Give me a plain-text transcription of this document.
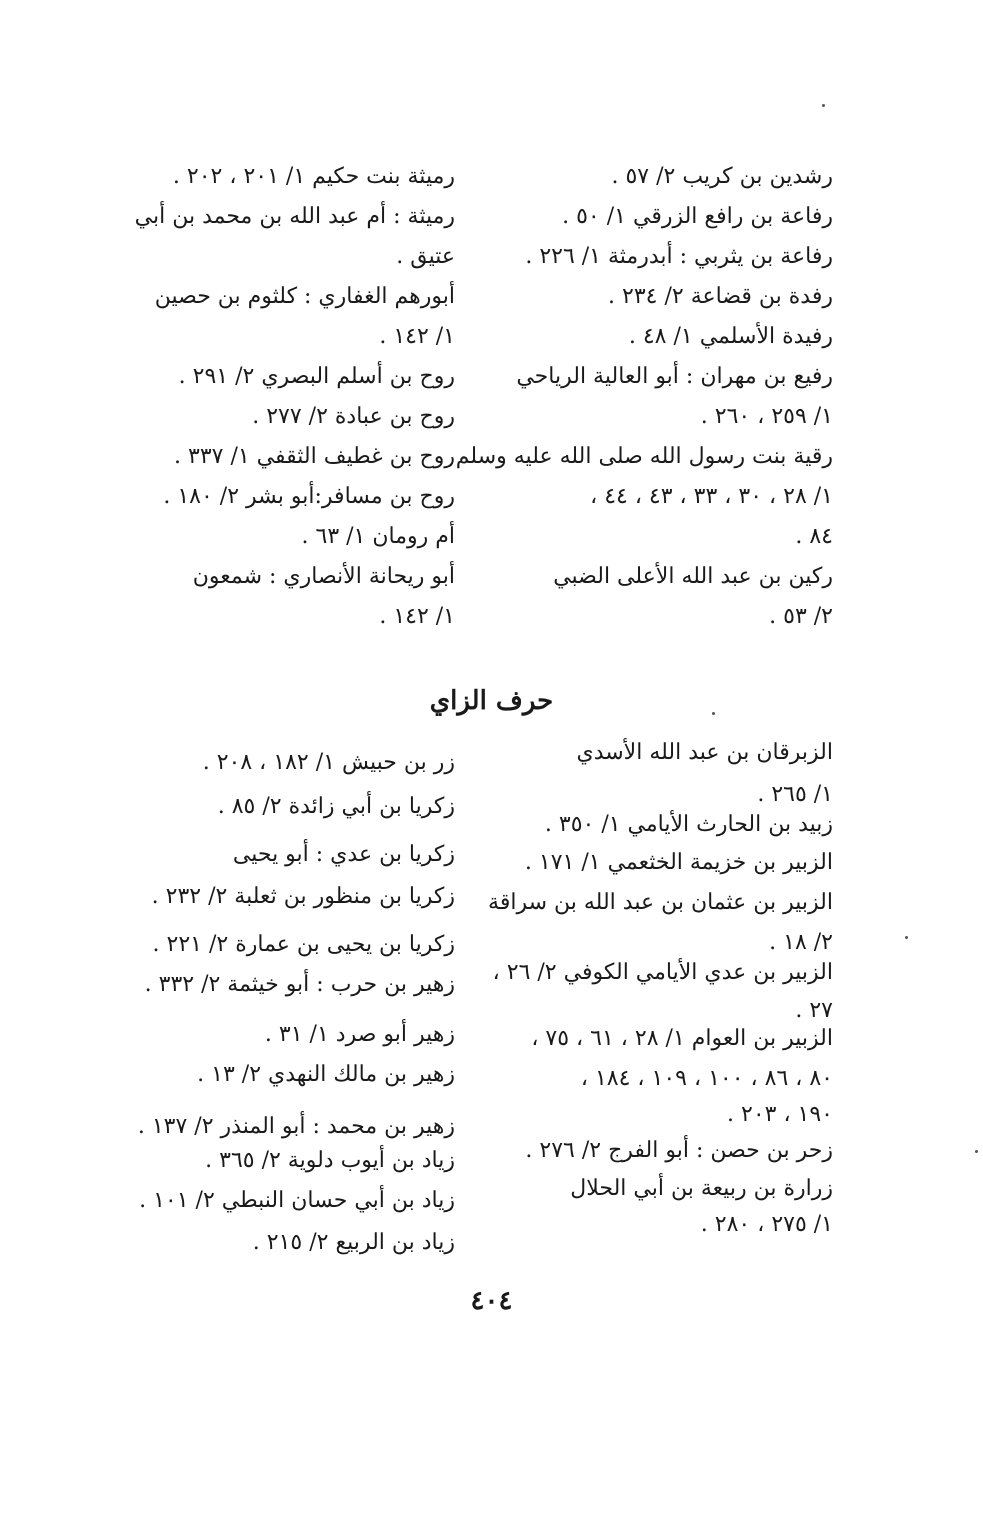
رشدين بن كريب ٢/ ٥٧ .
رفاعة بن رافع الزرقي ١/ ٥٠ .
رفاعة بن يثربي : أبدرمثة ١/ ٢٢٦ .
رفدة بن قضاعة ٢/ ٢٣٤ .
رفيدة الأسلمي ١/ ٤٨ .
رفيع بن مهران : أبو العالية الرياحي
١/ ٢٥٩ ، ٢٦٠ .
رقية بنت رسول الله صلى الله عليه وسلم
١/ ٢٨ ، ٣٠ ، ٣٣ ، ٤٣ ، ٤٤ ،
٨٤ .
ركين بن عبد الله الأعلى الضبي
٢/ ٥٣ .
رميثة بنت حكيم ١/ ٢٠١ ، ٢٠٢ .
رميثة : أم عبد الله بن محمد بن أبي
عتيق .
أبورهم الغفاري : كلثوم بن حصين
١/ ١٤٢ .
روح بن أسلم البصري ٢/ ٢٩١ .
روح بن عبادة ٢/ ٢٧٧ .
روح بن غطيف الثقفي ١/ ٣٣٧ .
روح بن مسافر:أبو بشر ٢/ ١٨٠ .
أم رومان ١/ ٦٣ .
أبو ريحانة الأنصاري : شمعون
١/ ١٤٢ .
حرف الزاي
الزبرقان بن عبد الله الأسدي
١/ ٢٦٥ .
زبيد بن الحارث الأيامي ١/ ٣٥٠ .
الزبير بن خزيمة الخثعمي ١/ ١٧١ .
الزبير بن عثمان بن عبد الله بن سراقة
٢/ ١٨ .
الزبير بن عدي الأيامي الكوفي ٢/ ٢٦ ،
٢٧ .
الزبير بن العوام ١/ ٢٨ ، ٦١ ، ٧٥ ،
٨٠ ، ٨٦ ، ١٠٠ ، ١٠٩ ، ١٨٤ ،
١٩٠ ، ٢٠٣ .
زحر بن حصن : أبو الفرج ٢/ ٢٧٦ .
زرارة بن ربيعة بن أبي الحلال
١/ ٢٧٥ ، ٢٨٠ .
زر بن حبيش ١/ ١٨٢ ، ٢٠٨ .
زكريا بن أبي زائدة ٢/ ٨٥ .
زكريا بن عدي : أبو يحيى
زكريا بن منظور بن ثعلبة ٢/ ٢٣٢ .
زكريا بن يحيى بن عمارة ٢/ ٢٢١ .
زهير بن حرب : أبو خيثمة ٢/ ٣٣٢ .
زهير أبو صرد ١/ ٣١ .
زهير بن مالك النهدي ٢/ ١٣ .
زهير بن محمد : أبو المنذر ٢/ ١٣٧ .
زياد بن أيوب دلوية ٢/ ٣٦٥ .
زياد بن أبي حسان النبطي ٢/ ١٠١ .
زياد بن الربيع ٢/ ٢١٥ .
٤٠٤
